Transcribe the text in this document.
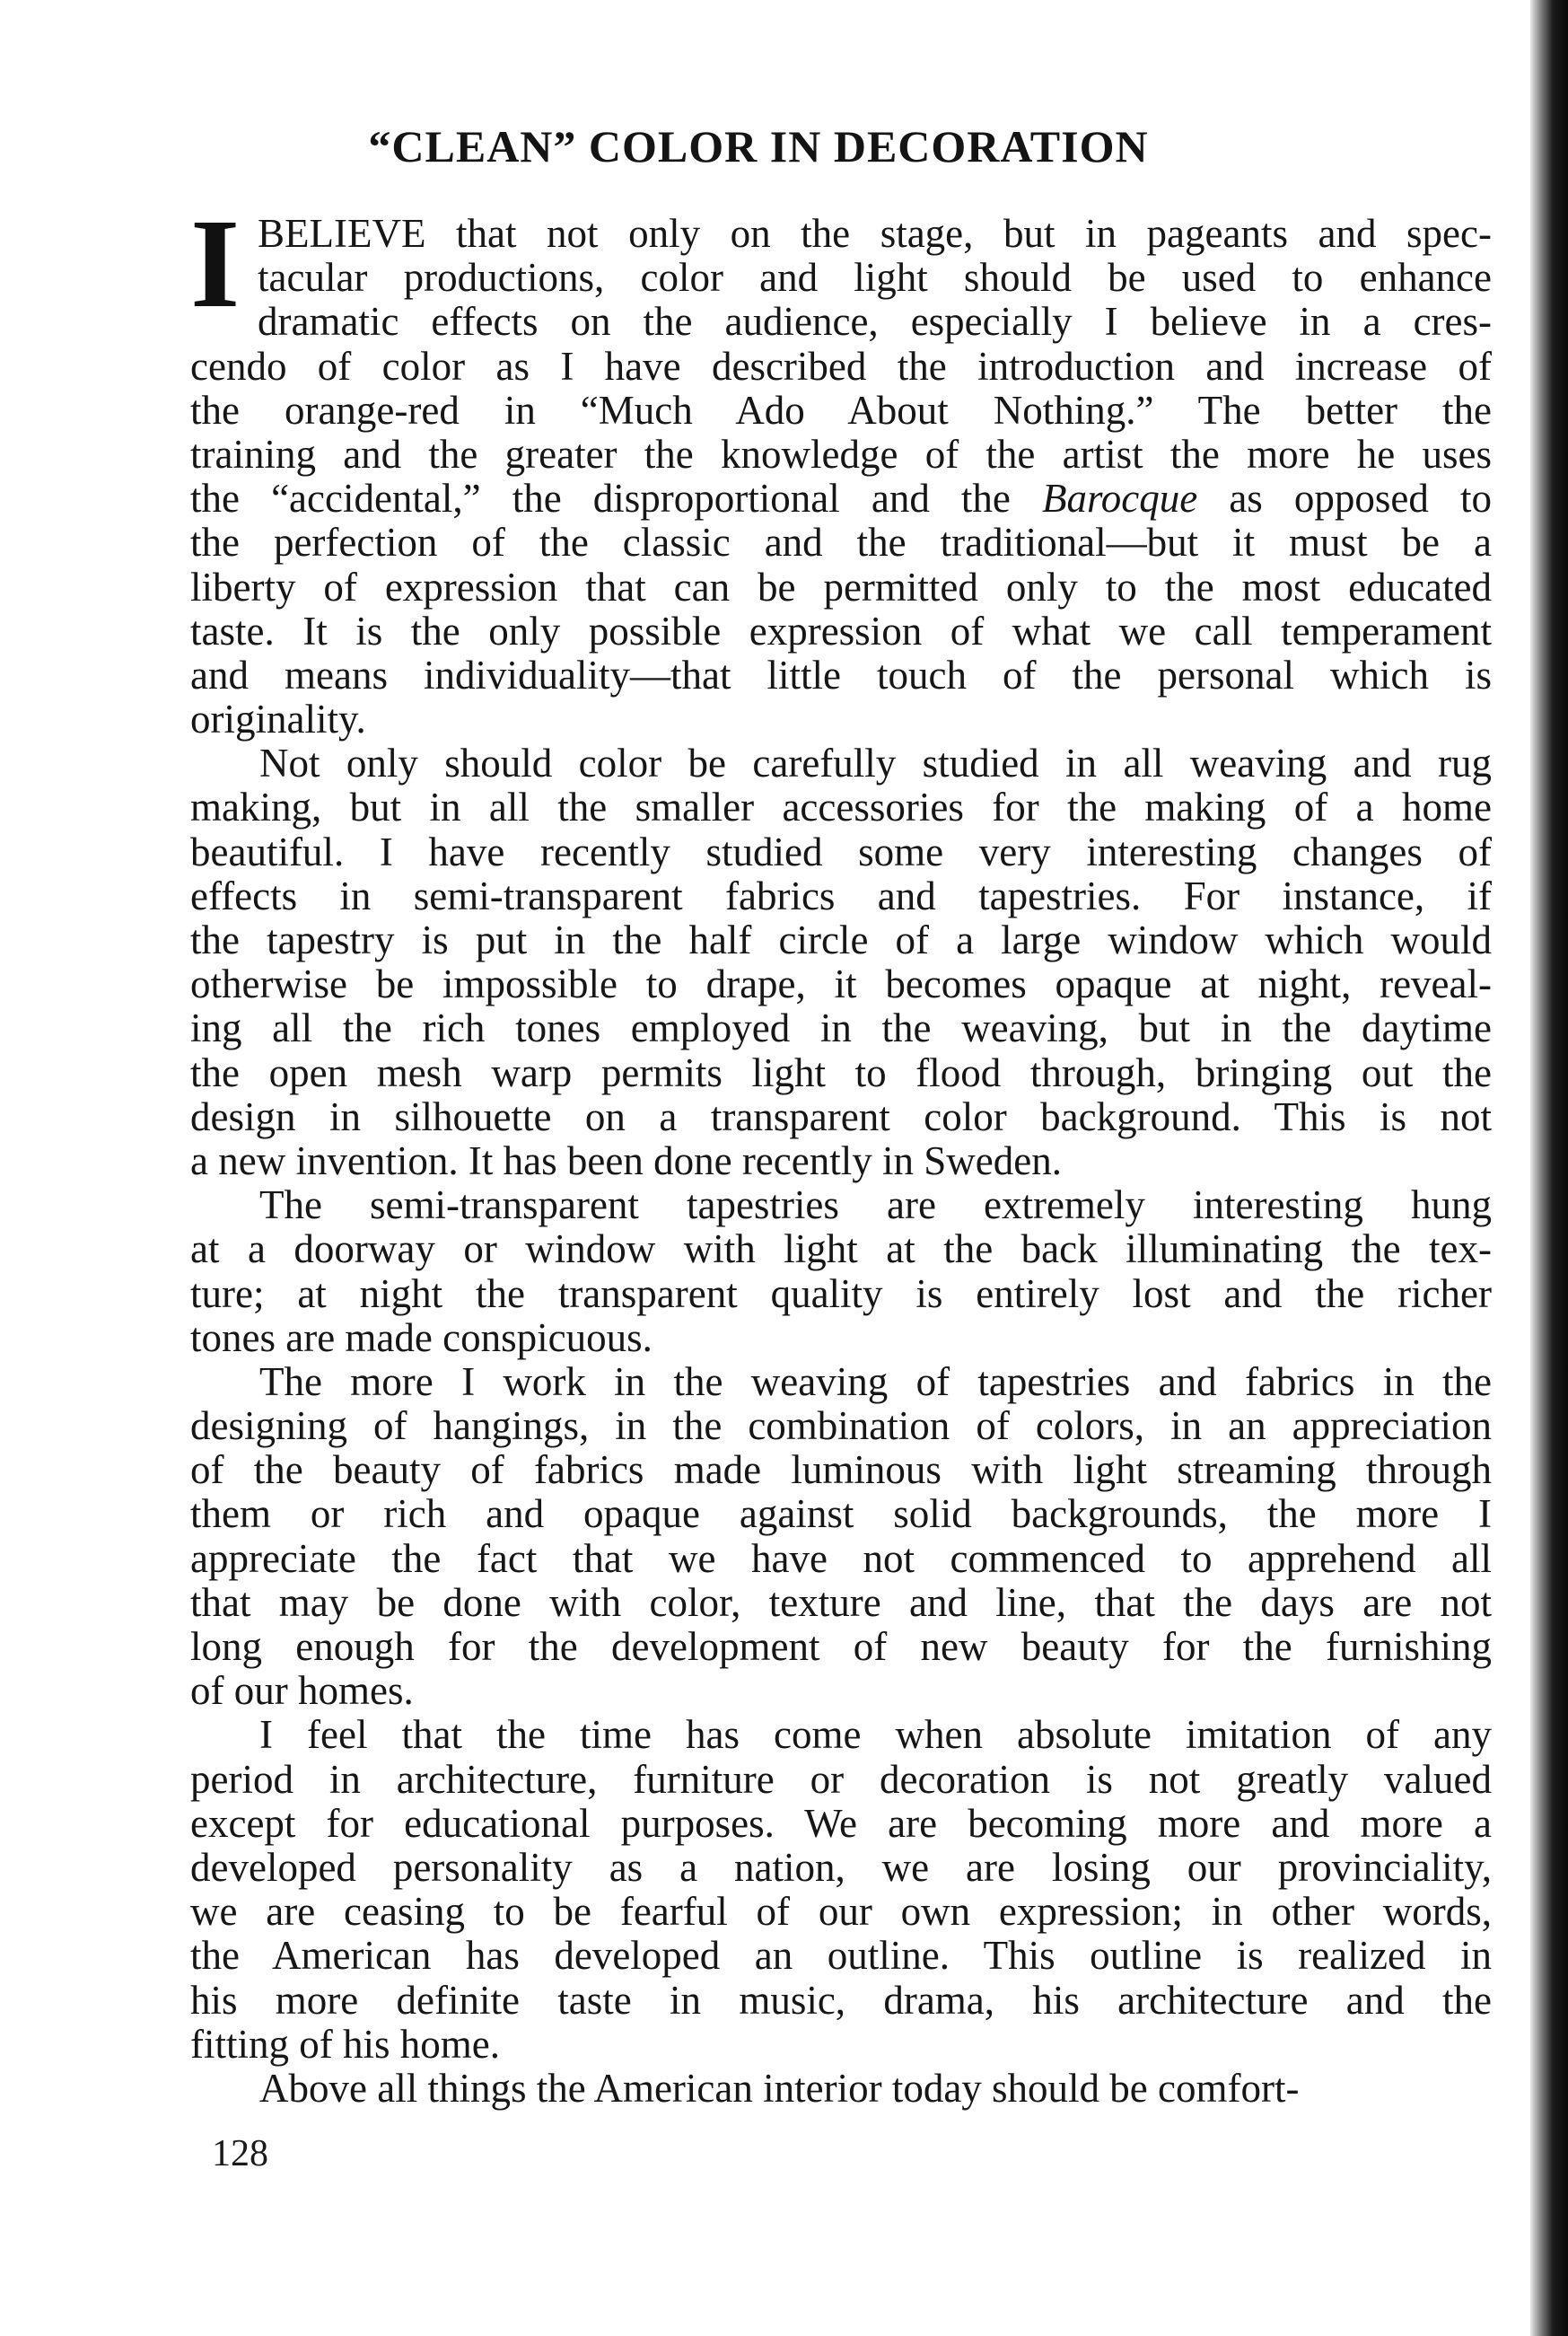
“CLEAN” COLOR IN DECORATION
I BELIEVE that not only on the stage, but in pageants and spec-
tacular productions, color and light should be used to enhance
dramatic effects on the audience, especially I believe in a cres-
cendo of color as I have described the introduction and increase of
the orange-red in “Much Ado About Nothing.” The better the
training and the greater the knowledge of the artist the more he uses
the “accidental,” the disproportional and the Barocque as opposed to
the perfection of the classic and the traditional—but it must be a
liberty of expression that can be permitted only to the most educated
taste. It is the only possible expression of what we call temperament
and means individuality—that little touch of the personal which is
originality.
Not only should color be carefully studied in all weaving and rug
making, but in all the smaller accessories for the making of a home
beautiful. I have recently studied some very interesting changes of
effects in semi-transparent fabrics and tapestries. For instance, if
the tapestry is put in the half circle of a large window which would
otherwise be impossible to drape, it becomes opaque at night, reveal-
ing all the rich tones employed in the weaving, but in the daytime
the open mesh warp permits light to flood through, bringing out the
design in silhouette on a transparent color background. This is not
a new invention. It has been done recently in Sweden.
The semi-transparent tapestries are extremely interesting hung
at a doorway or window with light at the back illuminating the tex-
ture; at night the transparent quality is entirely lost and the richer
tones are made conspicuous.
The more I work in the weaving of tapestries and fabrics in the
designing of hangings, in the combination of colors, in an appreciation
of the beauty of fabrics made luminous with light streaming through
them or rich and opaque against solid backgrounds, the more I
appreciate the fact that we have not commenced to apprehend all
that may be done with color, texture and line, that the days are not
long enough for the development of new beauty for the furnishing
of our homes.
I feel that the time has come when absolute imitation of any
period in architecture, furniture or decoration is not greatly valued
except for educational purposes. We are becoming more and more a
developed personality as a nation, we are losing our provinciality,
we are ceasing to be fearful of our own expression; in other words,
the American has developed an outline. This outline is realized in
his more definite taste in music, drama, his architecture and the
fitting of his home.
Above all things the American interior today should be comfort-
128
